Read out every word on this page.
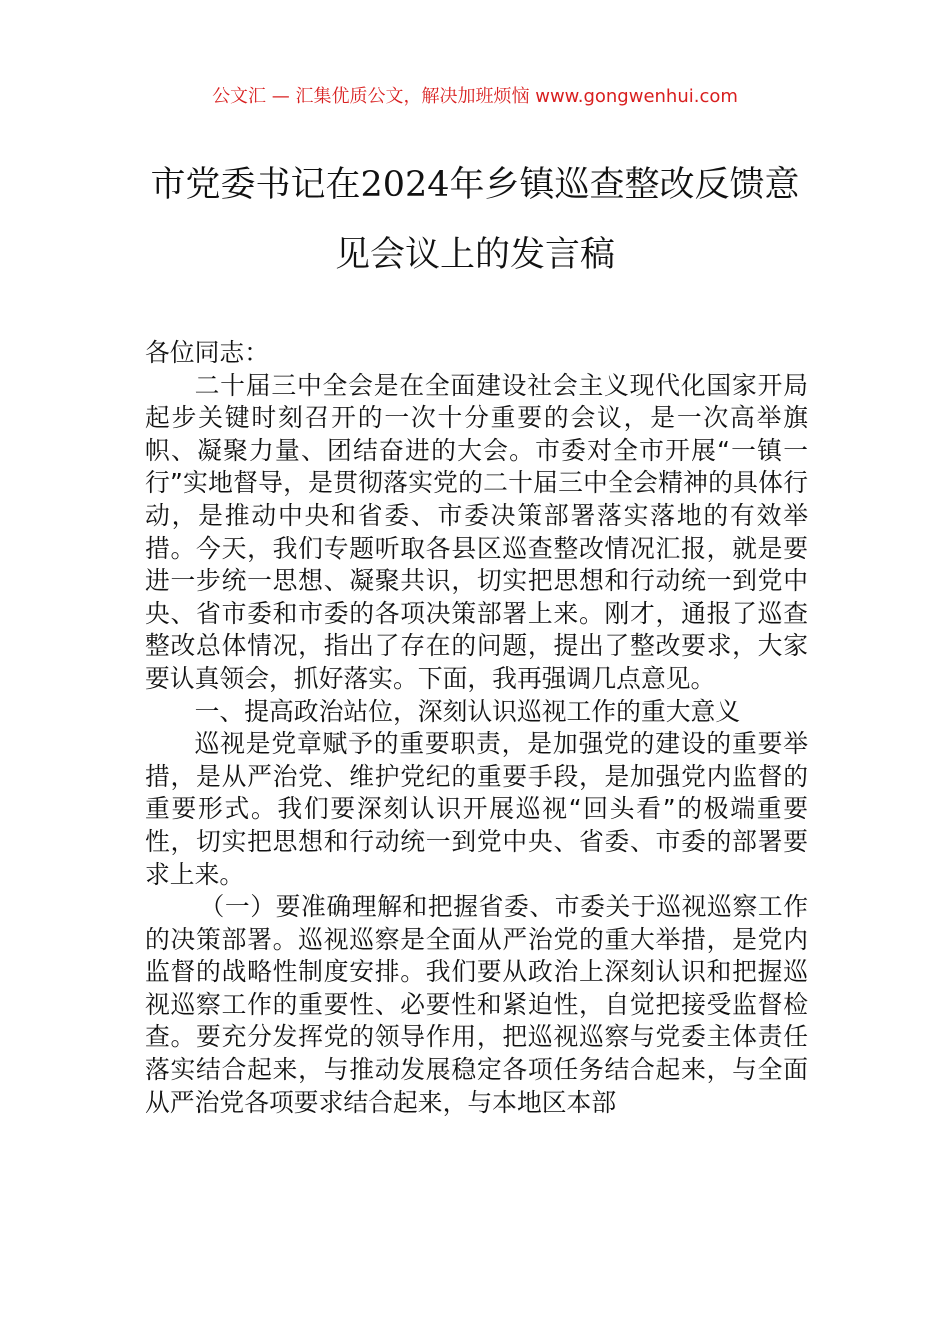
公文汇 — 汇集优质公文，解决加班烦恼 www.gongwenhui.com
市党委书记在2024年乡镇巡查整改反馈意
见会议上的发言稿

各位同志：

二十届三中全会是在全面建设社会主义现代化国家开局起步关键时刻召开的一次十分重要的会议，是一次高举旗帜、凝聚力量、团结奋进的大会。市委对全市开展“一镇一行”实地督导，是贯彻落实党的二十届三中全会精神的具体行动，是推动中央和省委、市委决策部署落实落地的有效举措。今天，我们专题听取各县区巡查整改情况汇报，就是要进一步统一思想、凝聚共识，切实把思想和行动统一到党中央、省市委和市委的各项决策部署上来。刚才，通报了巡查整改总体情况，指出了存在的问题，提出了整改要求，大家要认真领会，抓好落实。下面，我再强调几点意见。

一、提高政治站位，深刻认识巡视工作的重大意义

巡视是党章赋予的重要职责，是加强党的建设的重要举措，是从严治党、维护党纪的重要手段，是加强党内监督的重要形式。我们要深刻认识开展巡视“回头看”的极端重要性，切实把思想和行动统一到党中央、省委、市委的部署要求上来。

（一）要准确理解和把握省委、市委关于巡视巡察工作的决策部署。巡视巡察是全面从严治党的重大举措，是党内监督的战略性制度安排。我们要从政治上深刻认识和把握巡视巡察工作的重要性、必要性和紧迫性，自觉把接受监督检查。要充分发挥党的领导作用，把巡视巡察与党委主体责任落实结合起来，与推动发展稳定各项任务结合起来，与全面从严治党各项要求结合起来，与本地区本部
